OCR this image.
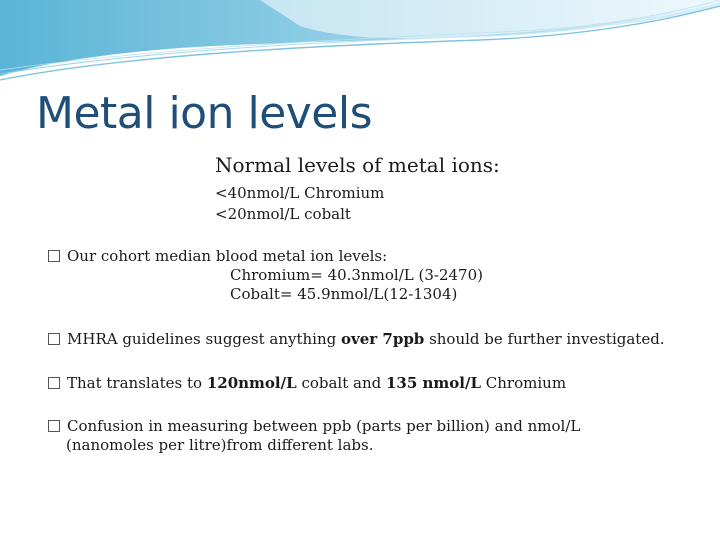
Metal ion levels
Normal levels of metal ions:
<40nmol/L Chromium
<20nmol/L cobalt
Our cohort median blood metal ion levels:
Chromium= 40.3nmol/L (3-2470)
Cobalt= 45.9nmol/L(12-1304)
MHRA guidelines suggest anything over 7ppb should be further investigated.
That translates to 120nmol/L cobalt and 135 nmol/L Chromium
Confusion in measuring between ppb (parts per billion) and nmol/L
(nanomoles per litre)from different labs.
